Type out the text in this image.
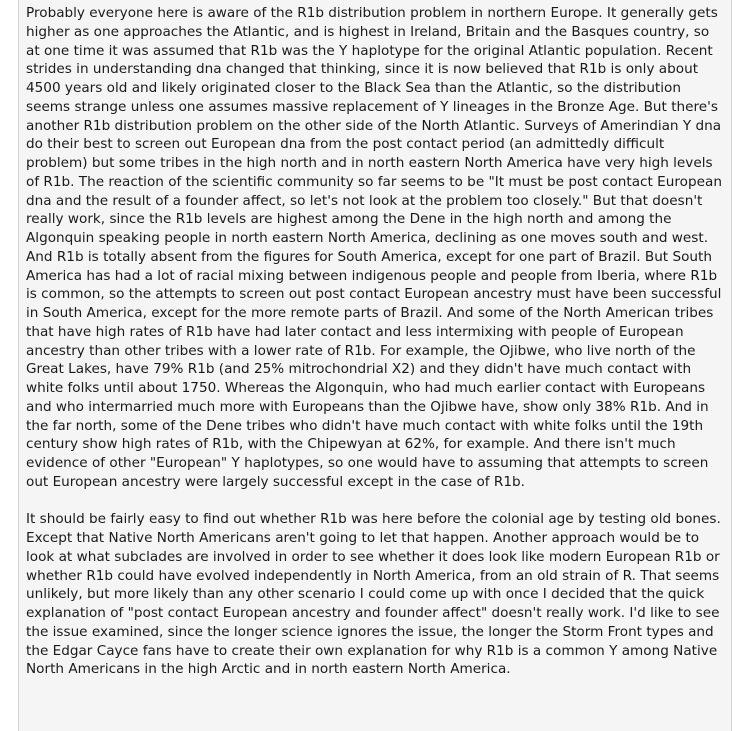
Probably everyone here is aware of the R1b distribution problem in northern Europe. It generally gets higher as one approaches the Atlantic, and is highest in Ireland, Britain and the Basques country, so at one time it was assumed that R1b was the Y haplotype for the original Atlantic population. Recent strides in understanding dna changed that thinking, since it is now believed that R1b is only about 4500 years old and likely originated closer to the Black Sea than the Atlantic, so the distribution seems strange unless one assumes massive replacement of Y lineages in the Bronze Age. But there's another R1b distribution problem on the other side of the North Atlantic. Surveys of Amerindian Y dna do their best to screen out European dna from the post contact period (an admittedly difficult problem) but some tribes in the high north and in north eastern North America have very high levels of R1b. The reaction of the scientific community so far seems to be "It must be post contact European dna and the result of a founder affect, so let's not look at the problem too closely." But that doesn't really work, since the R1b levels are highest among the Dene in the high north and among the Algonquin speaking people in north eastern North America, declining as one moves south and west. And R1b is totally absent from the figures for South America, except for one part of Brazil. But South America has had a lot of racial mixing between indigenous people and people from Iberia, where R1b is common, so the attempts to screen out post contact European ancestry must have been successful in South America, except for the more remote parts of Brazil. And some of the North American tribes that have high rates of R1b have had later contact and less intermixing with people of European ancestry than other tribes with a lower rate of R1b. For example, the Ojibwe, who live north of the Great Lakes, have 79% R1b (and 25% mitrochondrial X2) and they didn't have much contact with white folks until about 1750. Whereas the Algonquin, who had much earlier contact with Europeans and who intermarried much more with Europeans than the Ojibwe have, show only 38% R1b. And in the far north, some of the Dene tribes who didn't have much contact with white folks until the 19th century show high rates of R1b, with the Chipewyan at 62%, for example. And there isn't much evidence of other "European" Y haplotypes, so one would have to assuming that attempts to screen out European ancestry were largely successful except in the case of R1b.

It should be fairly easy to find out whether R1b was here before the colonial age by testing old bones. Except that Native North Americans aren't going to let that happen. Another approach would be to look at what subclades are involved in order to see whether it does look like modern European R1b or whether R1b could have evolved independently in North America, from an old strain of R. That seems unlikely, but more likely than any other scenario I could come up with once I decided that the quick explanation of "post contact European ancestry and founder affect" doesn't really work. I'd like to see the issue examined, since the longer science ignores the issue, the longer the Storm Front types and the Edgar Cayce fans have to create their own explanation for why R1b is a common Y among Native North Americans in the high Arctic and in north eastern North America.
